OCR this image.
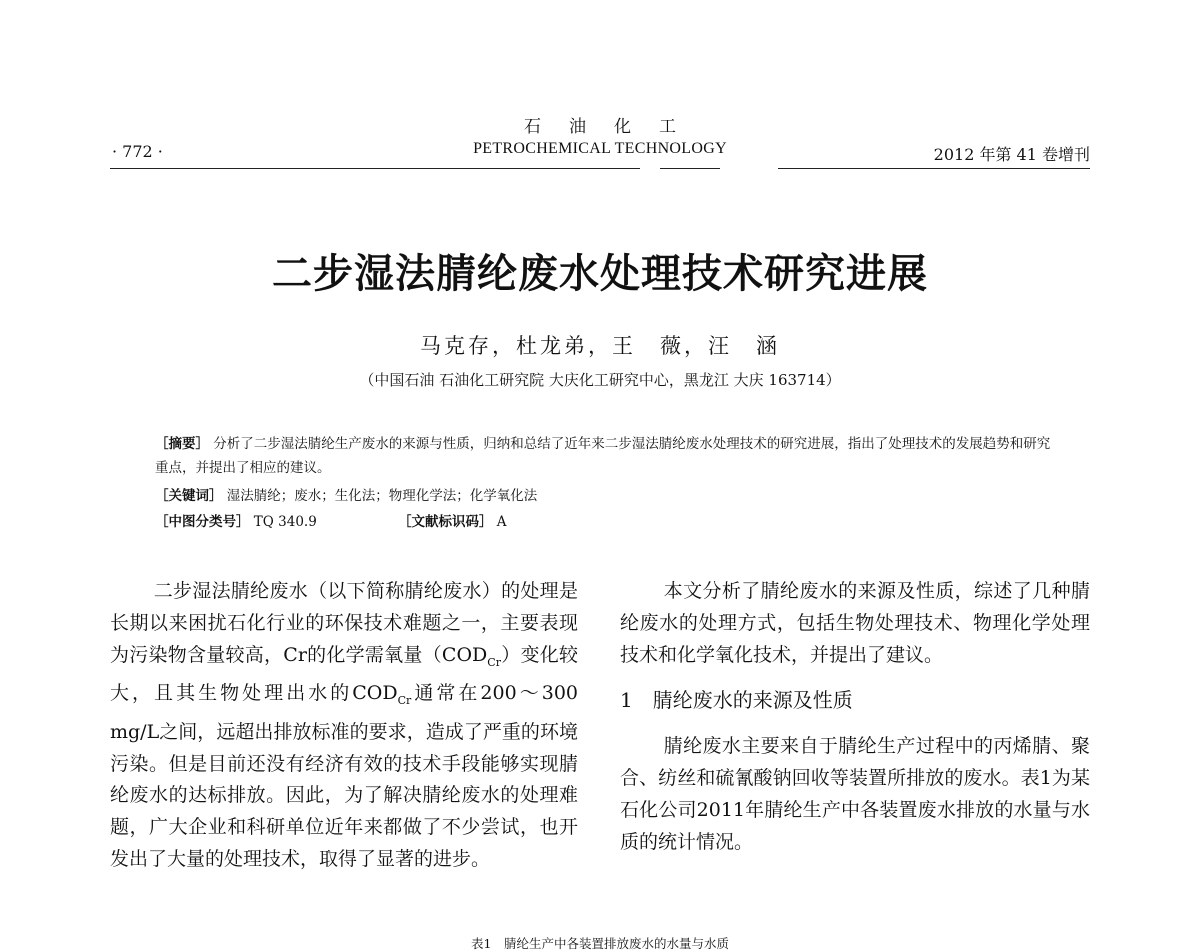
石 油 化 工
· 772 ·	PETROCHEMICAL TECHNOLOGY	2012 年第 41 卷增刊
二步湿法腈纶废水处理技术研究进展
马克存，杜龙弟，王　薇，汪　涵
（中国石油 石油化工研究院 大庆化工研究中心，黑龙江 大庆 163714）
［摘要］ 分析了二步湿法腈纶生产废水的来源与性质，归纳和总结了近年来二步湿法腈纶废水处理技术的研究进展，指出了处理技术的发展趋势和研究重点，并提出了相应的建议。
［关键词］ 湿法腈纶；废水；生化法；物理化学法；化学氧化法
［中图分类号］ TQ 340.9	［文献标识码］ A

二步湿法腈纶废水（以下简称腈纶废水）的处理是长期以来困扰石化行业的环保技术难题之一，主要表现为污染物含量较高，Cr的化学需氧量$(COD_{Cr})$变化较大，且其生物处理出水的$COD_{Cr}$通常在200～300 mg/L之间，远超出排放标准的要求，造成了严重的环境污染。但是目前还没有经济有效的技术手段能够实现腈纶废水的达标排放。因此，为了解决腈纶废水的处理难题，广大企业和科研单位近年来都做了不少尝试，也开发出了大量的处理技术，取得了显著的进步。

本文分析了腈纶废水的来源及性质，综述了几种腈纶废水的处理方式，包括生物处理技术、物理化学处理技术和化学氧化技术，并提出了建议。

1　腈纶废水的来源及性质

腈纶废水主要来自于腈纶生产过程中的丙烯腈、聚合、纺丝和硫氰酸钠回收等装置所排放的废水。表1为某石化公司2011年腈纶生产中各装置废水排放的水量与水质的统计情况。

表1　腈纶生产中各装置排放废水的水量与水质
